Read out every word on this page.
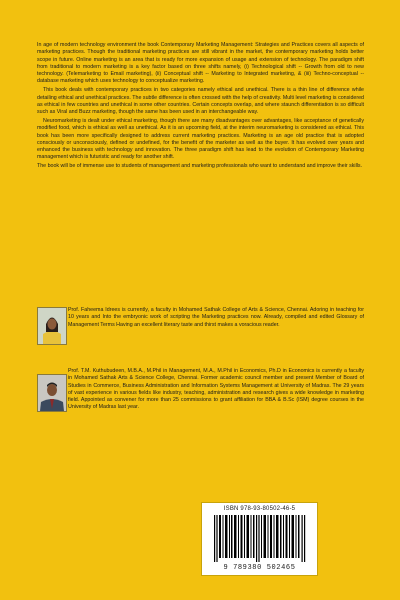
In age of modern technology environment the book Contemporary Marketing Management: Strategies and Practices covers all aspects of marketing practices. Though the traditional marketing practices are still vibrant in the market, the contemporary marketing holds better scope in future. Online marketing is an area that is ready for more expansion of usage and extension of technology. The paradigm shift from traditional to modern marketing is a key factor based on three shifts namely, (i) Technological shift -- Growth from old to new technology. (Telemarketing to Email marketing), (ii) Conceptual shift -- Marketing to Integrated marketing, & (iii) Techno-conceptual -- database marketing which uses technology to conceptualize marketing.

This book deals with contemporary practices in two categories namely ethical and unethical. There is a thin line of difference while detailing ethical and unethical practices. The subtle difference is often crossed with the help of creativity. Multi level marketing is considered as ethical in few countries and unethical in some other countries. Certain concepts overlap, and where staunch differentiation is so difficult such as Viral and Buzz marketing, though the same has been used in an interchangeable way.

Neuromarketing is dealt under ethical marketing, though there are many disadvantages over advantages, like acceptance of genetically modified food, which is ethical as well as unethical. As it is an upcoming field, at the interim neuromarketing is considered as ethical. This book has been more specifically designed to address current marketing practices. Marketing is an age old practice that is adopted consciously or unconsciously, defined or undefined, for the benefit of the marketer as well as the buyer. It has evolved over years and enhanced the business with technology and innovation. The three paradigm shift has lead to the evolution of Contemporary Marketing management which is futuristic and ready for another shift.

The book will be of immense use to students of management and marketing professionals who want to understand and improve their skills.

Prof. Faheema Idrees is currently, a faculty in Mohamed Sathak College of Arts & Science, Chennai. Adoring in teaching for 10 years and Into the embryonic work of scripting the Marketing practices now. Already, compiled and edited Glossary of Management Terms Having an excellent literary taste and thirst makes a voracious reader.
Prof. T.M. Kuthubudeen, M.B.A., M.Phil in Management, M.A., M.Phil in Economics, Ph.D in Economics is currently a faculty in Mohamed Sathak Arts & Science College, Chennai. Former academic council member and present Member of Board of Studies in Commerce, Business Administration and Information Systems Management at University of Madras. The 29 years of vast experience in various fields like industry, teaching, administration and research gives a wide knowledge in marketing field. Appointed as convener for more than 25 commissions to grant affiliation for BBA & B.Sc (ISM) degree courses in the University of Madras last year.
ISBN 978-93-80502-46-5
9 789380 502465
